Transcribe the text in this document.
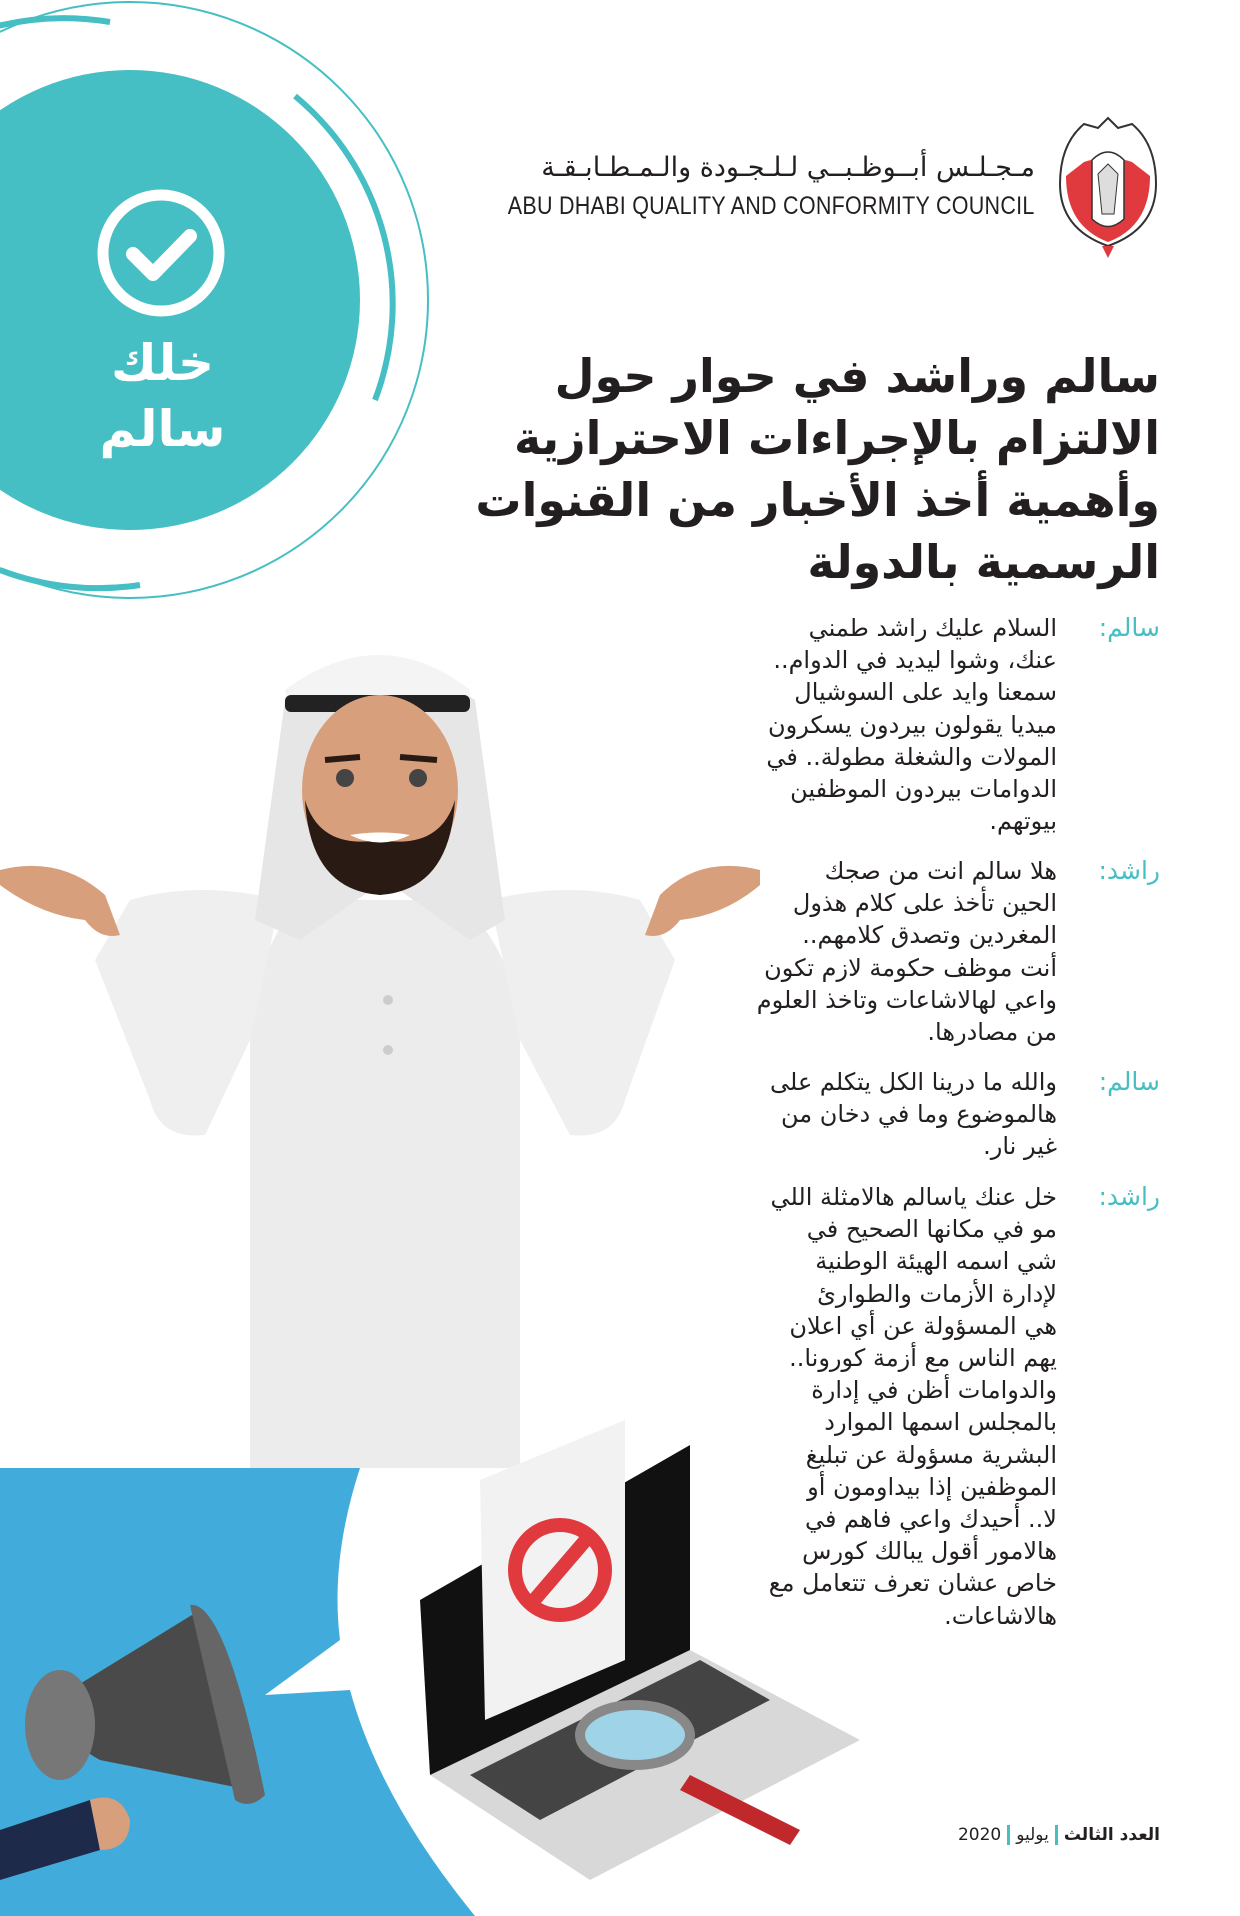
خلك
سالم
مـجـلـس أبــوظـبــي لـلـجـودة والـمـطـابـقـة
ABU DHABI QUALITY AND CONFORMITY COUNCIL
سالم وراشد في حوار حول
الالتزام بالإجراءات الاحترازية
وأهمية أخذ الأخبار من القنوات
الرسمية بالدولة
سالم:
السلام عليك راشد طمني
عنك، وشوا ليديد في الدوام..
سمعنا وايد على السوشيال
ميديا يقولون بيردون يسكرون
المولات والشغلة مطولة.. في
الدوامات بيردون الموظفين
بيوتهم.
راشد:
هلا سالم انت من صجك
الحين تأخذ على كلام هذول
المغردين وتصدق كلامهم..
أنت موظف حكومة لازم تكون
واعي لهالاشاعات وتاخذ العلوم
من مصادرها.
سالم:
والله ما درينا الكل يتكلم على
هالموضوع وما في دخان من
غير نار.
راشد:
خل عنك ياسالم هالامثلة اللي
مو في مكانها الصحيح في
شي اسمه الهيئة الوطنية
لإدارة الأزمات والطوارئ
هي المسؤولة عن أي اعلان
يهم الناس مع أزمة كورونا..
والدوامات أظن في إدارة
بالمجلس اسمها الموارد
البشرية مسؤولة عن تبليغ
الموظفين إذا بيداومون أو
لا.. أحيدك واعي فاهم في
هالامور أقول يبالك كورس
خاص عشان تعرف تتعامل مع
هالاشاعات.
العدد الثالثيوليو2020
